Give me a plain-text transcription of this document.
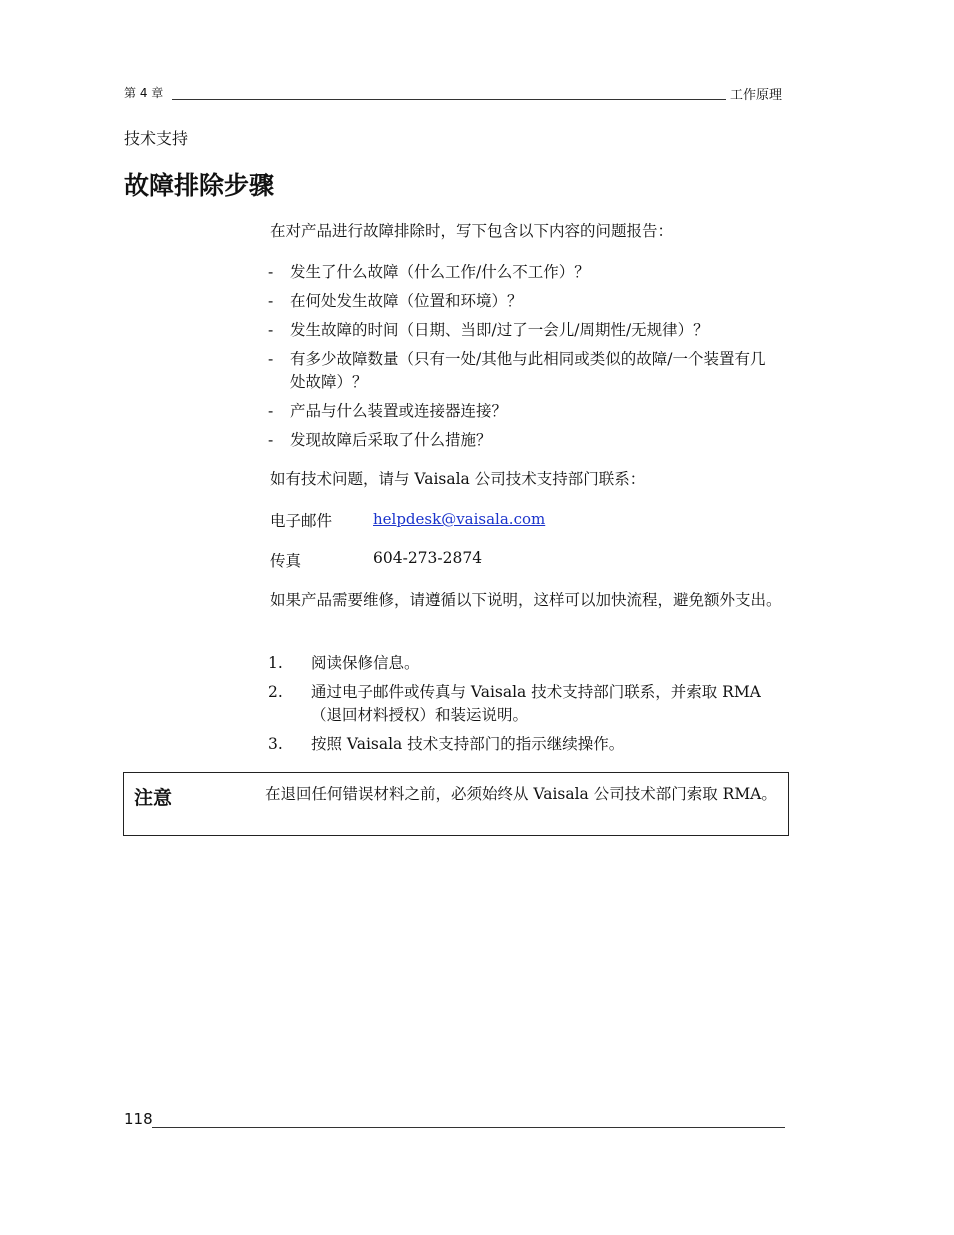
第 4 章	工作原理
技术支持
故障排除步骤
在对产品进行故障排除时，写下包含以下内容的问题报告：
- 发生了什么故障（什么工作/什么不工作）？
- 在何处发生故障（位置和环境）？
- 发生故障的时间（日期、当即/过了一会儿/周期性/无规律）？
- 有多少故障数量（只有一处/其他与此相同或类似的故障/一个装置有几处故障）？
- 产品与什么装置或连接器连接？
- 发现故障后采取了什么措施？
如有技术问题，请与 Vaisala 公司技术支持部门联系：
电子邮件	helpdesk@vaisala.com
传真	604-273-2874
如果产品需要维修，请遵循以下说明，这样可以加快流程，避免额外支出。
1. 阅读保修信息。
2. 通过电子邮件或传真与 Vaisala 技术支持部门联系，并索取 RMA（退回材料授权）和装运说明。
3. 按照 Vaisala 技术支持部门的指示继续操作。
注意	在退回任何错误材料之前，必须始终从 Vaisala 公司技术部门索取 RMA。
118
